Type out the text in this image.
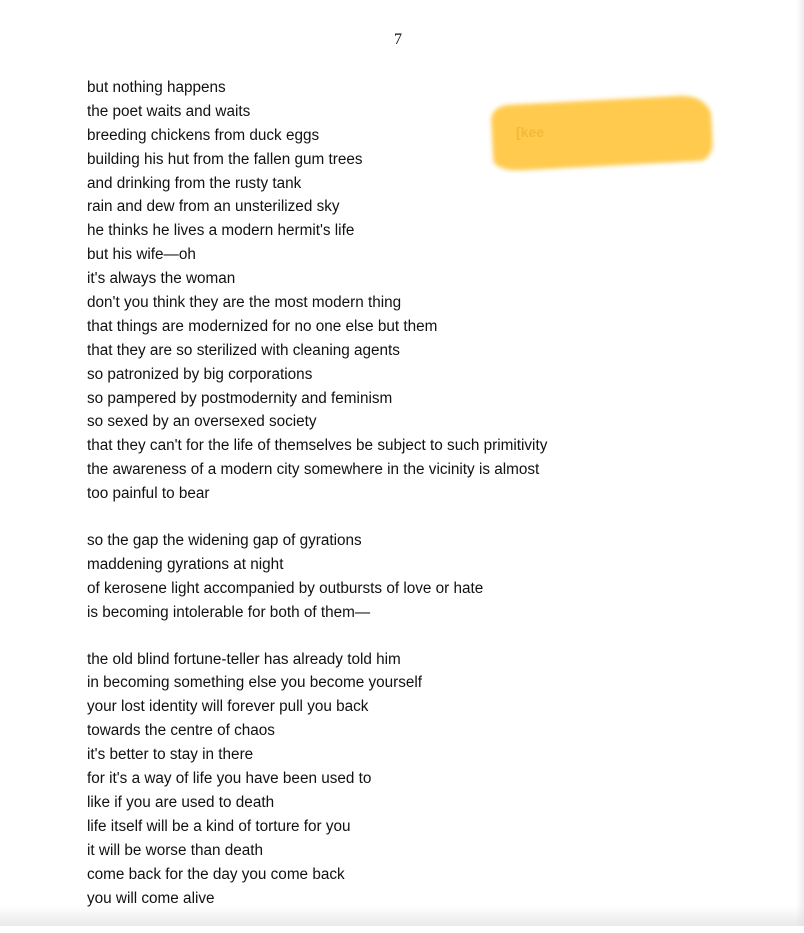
7
[kee
but nothing happens
the poet waits and waits
breeding chickens from duck eggs
building his hut from the fallen gum trees
and drinking from the rusty tank
rain and dew from an unsterilized sky
he thinks he lives a modern hermit's life
but his wife—oh
it's always the woman
don't you think they are the most modern thing
that things are modernized for no one else but them
that they are so sterilized with cleaning agents
so patronized by big corporations
so pampered by postmodernity and feminism
so sexed by an oversexed society
that they can't for the life of themselves be subject to such primitivity
the awareness of a modern city somewhere in the vicinity is almost
too painful to bear
so the gap the widening gap of gyrations
maddening gyrations at night
of kerosene light accompanied by outbursts of love or hate
is becoming intolerable for both of them—
the old blind fortune-teller has already told him
in becoming something else you become yourself
your lost identity will forever pull you back
towards the centre of chaos
it's better to stay in there
for it's a way of life you have been used to
like if you are used to death
life itself will be a kind of torture for you
it will be worse than death
come back for the day you come back
you will come alive
